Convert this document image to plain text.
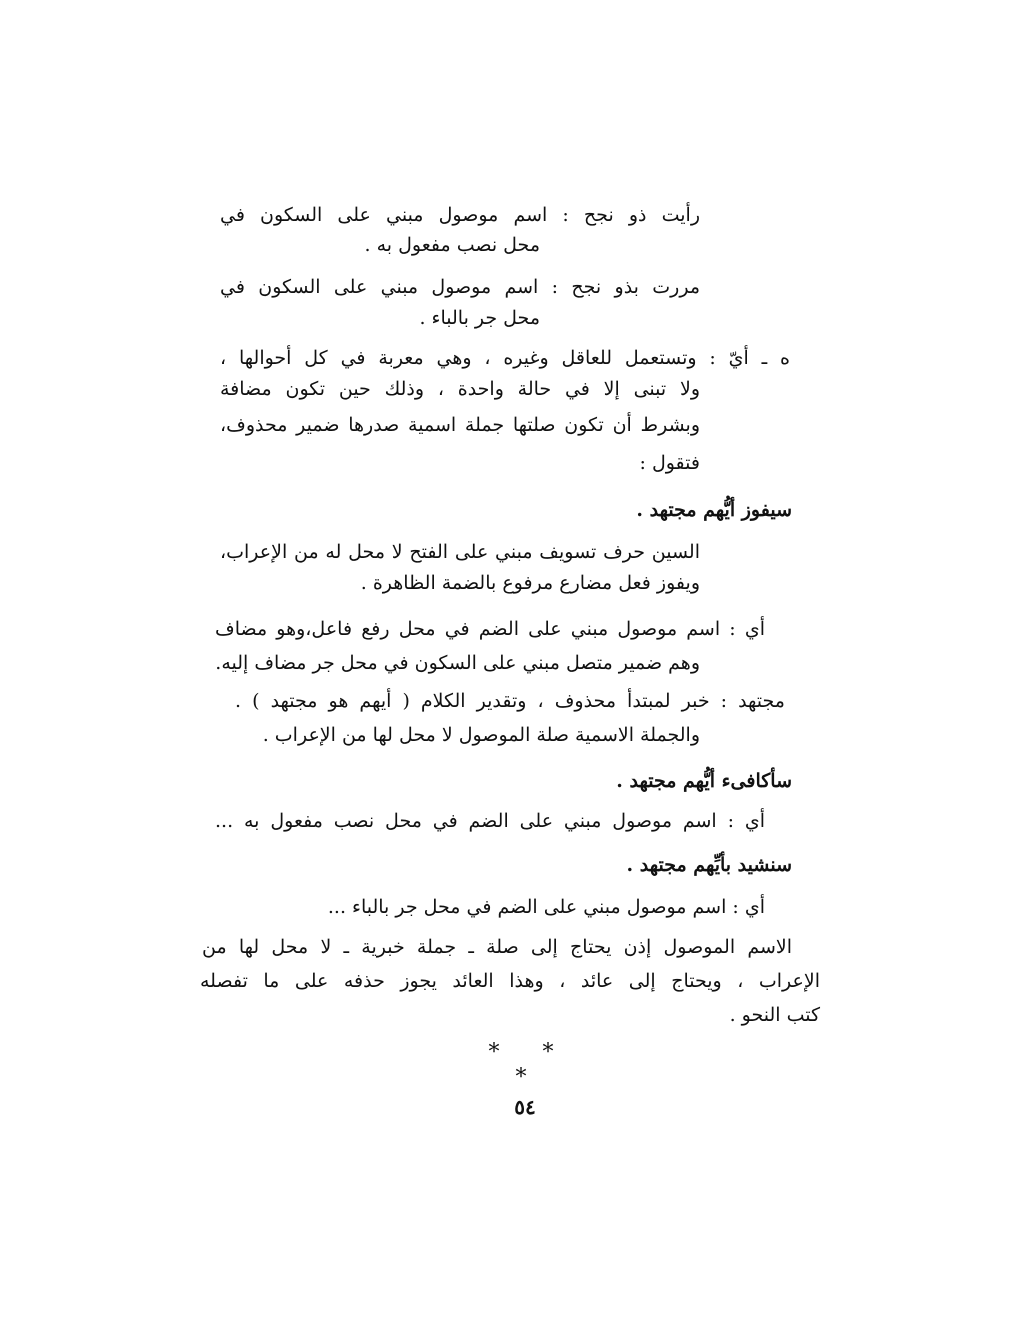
رأيت ذو نجح : اسم موصول مبني على السكون في
محل نصب مفعول به .
مررت بذو نجح : اسم موصول مبني على السكون في
محل جر بالباء .
ه ـ أيّ : وتستعمل للعاقل وغيره ، وهي معربة في كل أحوالها ،
ولا تبنى إلا في حالة واحدة ، وذلك حين تكون مضافة
وبشرط أن تكون صلتها جملة اسمية صدرها ضمير محذوف،
فتقول :
سيفوز أيُّهم مجتهد .
السين حرف تسويف مبني على الفتح لا محل له من الإعراب،
ويفوز فعل مضارع مرفوع بالضمة الظاهرة .
أي : اسم موصول مبني على الضم في محل رفع فاعل،وهو مضاف
وهم ضمير متصل مبني على السكون في محل جر مضاف إليه.
مجتهد : خبر لمبتدأ محذوف ، وتقدير الكلام ( أيهم هو مجتهد ) .
والجملة الاسمية صلة الموصول لا محل لها من الإعراب .
سأكافىء أيُّهم مجتهد .
أي : اسم موصول مبني على الضم في محل نصب مفعول به ...
سنشيد بأيِّهم مجتهد .
أي : اسم موصول مبني على الضم في محل جر بالباء ...
الاسم الموصول إذن يحتاج إلى صلة ـ جملة خبرية ـ لا محل لها من
الإعراب ، ويحتاج إلى عائد ، وهذا العائد يجوز حذفه على ما تفصله
كتب النحو .
* * *
٥٤
